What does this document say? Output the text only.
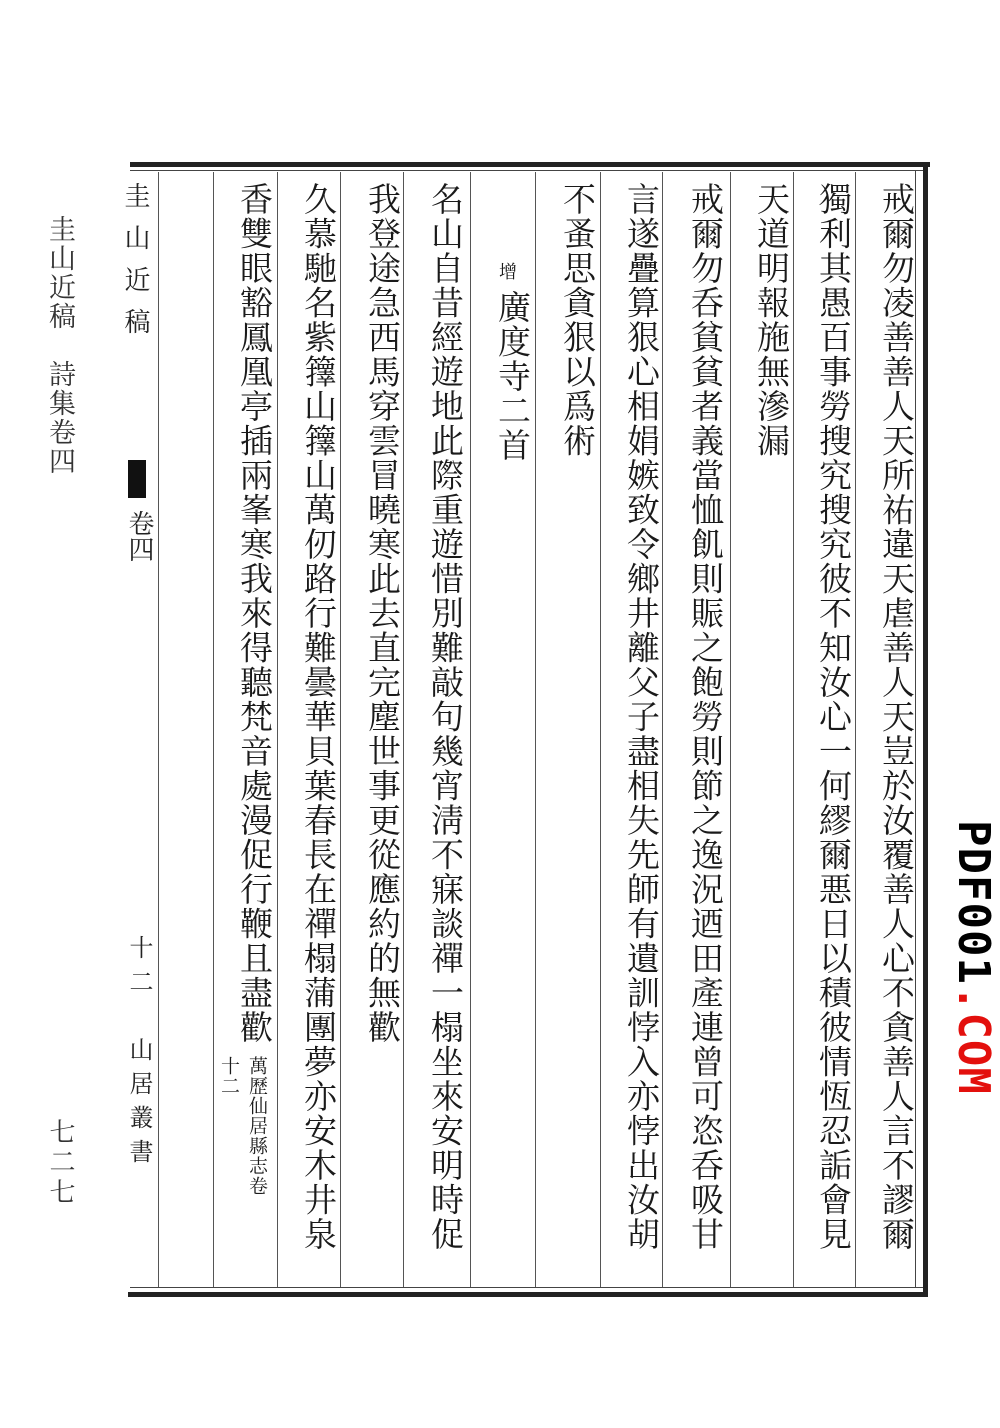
圭山近稿　詩集卷四
七二七	戒爾勿凌善善人天所祐違天虐善人天豈於汝覆善人心不貪善人言不謬爾
獨利其愚百事勞搜究搜究彼不知汝心一何繆爾悪日以積彼情恆忍詬會見
天道明報施無滲漏
戒爾勿呑貧貧者義當恤飢則賑之飽勞則節之逸況迺田產連曾可恣呑吸甘
言遂疊算狠心相娟嫉致令鄉井離父子盡相失先師有遺訓悖入亦悖出汝胡
不蚤思貪狠以爲術
增
廣度寺二首
名山自昔經遊地此際重遊惜別難敲句幾宵淸不寐談禪一榻坐來安明時促
我登途急西馬穿雲冒曉寒此去直完塵世事更從應約的無歡
久慕馳名紫籜山籜山萬仞路行難曇華貝葉春長在禪榻蒲團夢亦安木井泉
香雙眼豁鳳凰亭插兩峯寒我來得聽梵音處漫促行鞭且盡歡
萬歷仙居縣志卷十二
圭山近稿
卷四
十二　山居叢書
PDF001.COM
